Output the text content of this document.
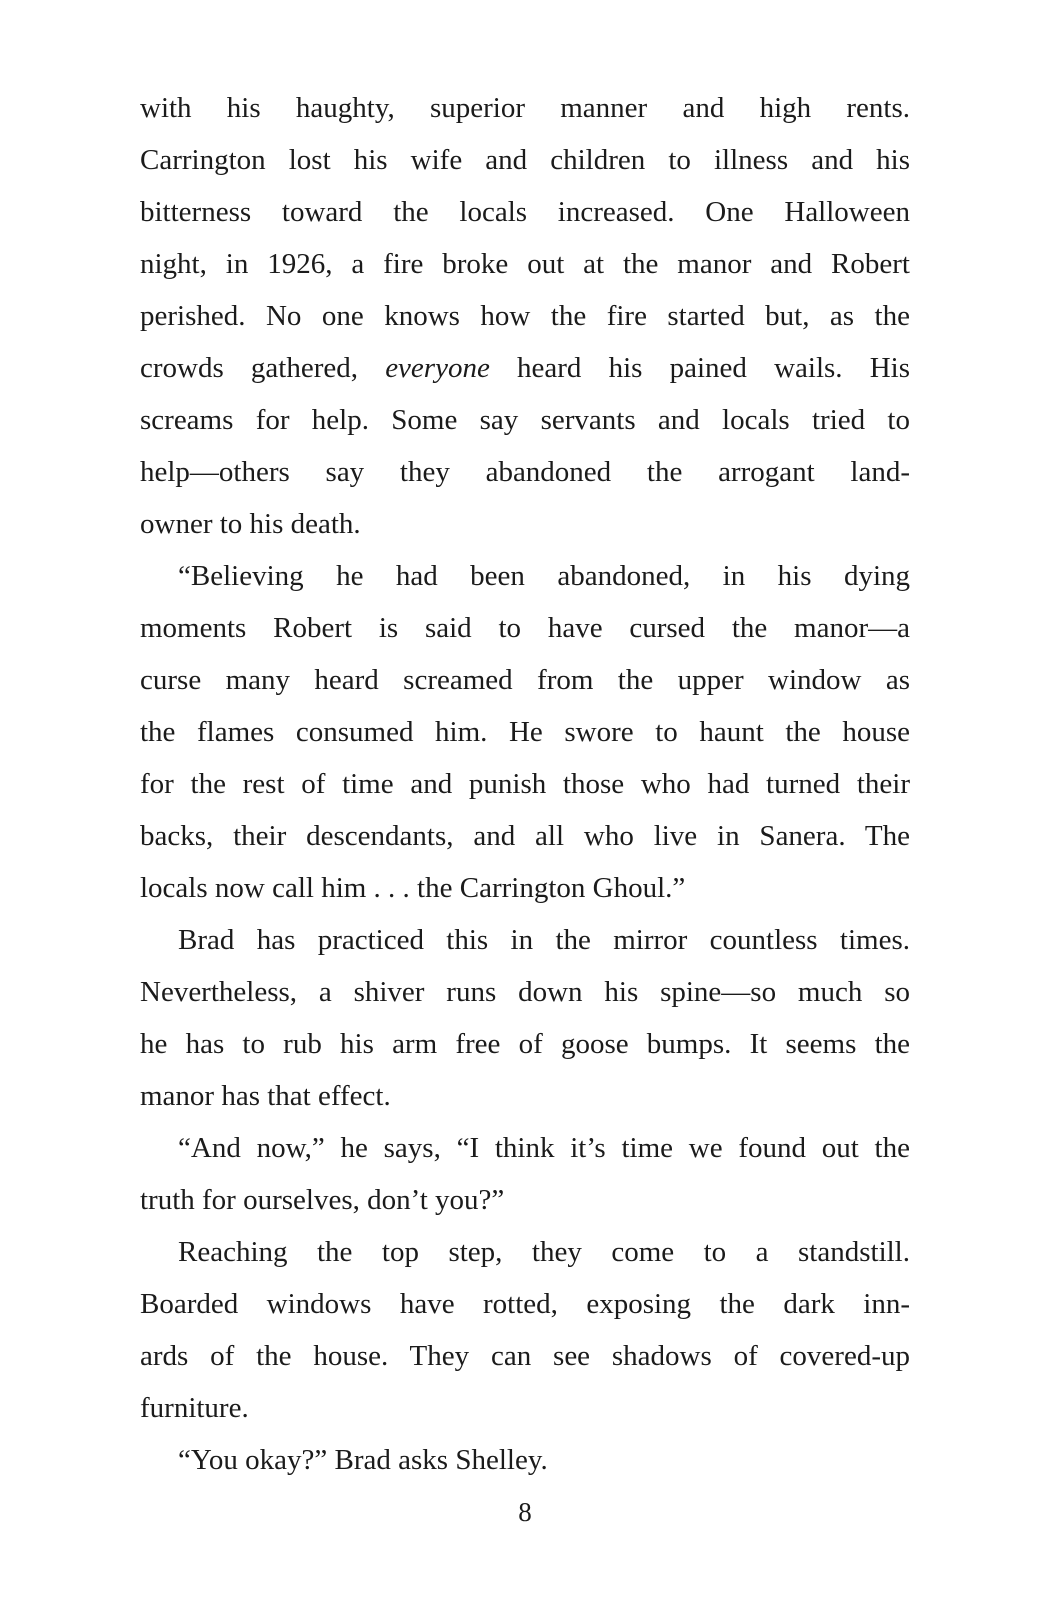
with his haughty, superior manner and high rents.
Carrington lost his wife and children to illness and his
bitterness toward the locals increased. One Halloween
night, in 1926, a fire broke out at the manor and Robert
perished. No one knows how the fire started but, as the
crowds gathered, everyone heard his pained wails. His
screams for help. Some say servants and locals tried to
help—others say they abandoned the arrogant land-
owner to his death.
“Believing he had been abandoned, in his dying
moments Robert is said to have cursed the manor—a
curse many heard screamed from the upper window as
the flames consumed him. He swore to haunt the house
for the rest of time and punish those who had turned their
backs, their descendants, and all who live in Sanera. The
locals now call him . . . the Carrington Ghoul.”
Brad has practiced this in the mirror countless times.
Nevertheless, a shiver runs down his spine—so much so
he has to rub his arm free of goose bumps. It seems the
manor has that effect.
“And now,” he says, “I think it’s time we found out the
truth for ourselves, don’t you?”
Reaching the top step, they come to a standstill.
Boarded windows have rotted, exposing the dark inn-
ards of the house. They can see shadows of covered-up
furniture.
“You okay?” Brad asks Shelley.
8
